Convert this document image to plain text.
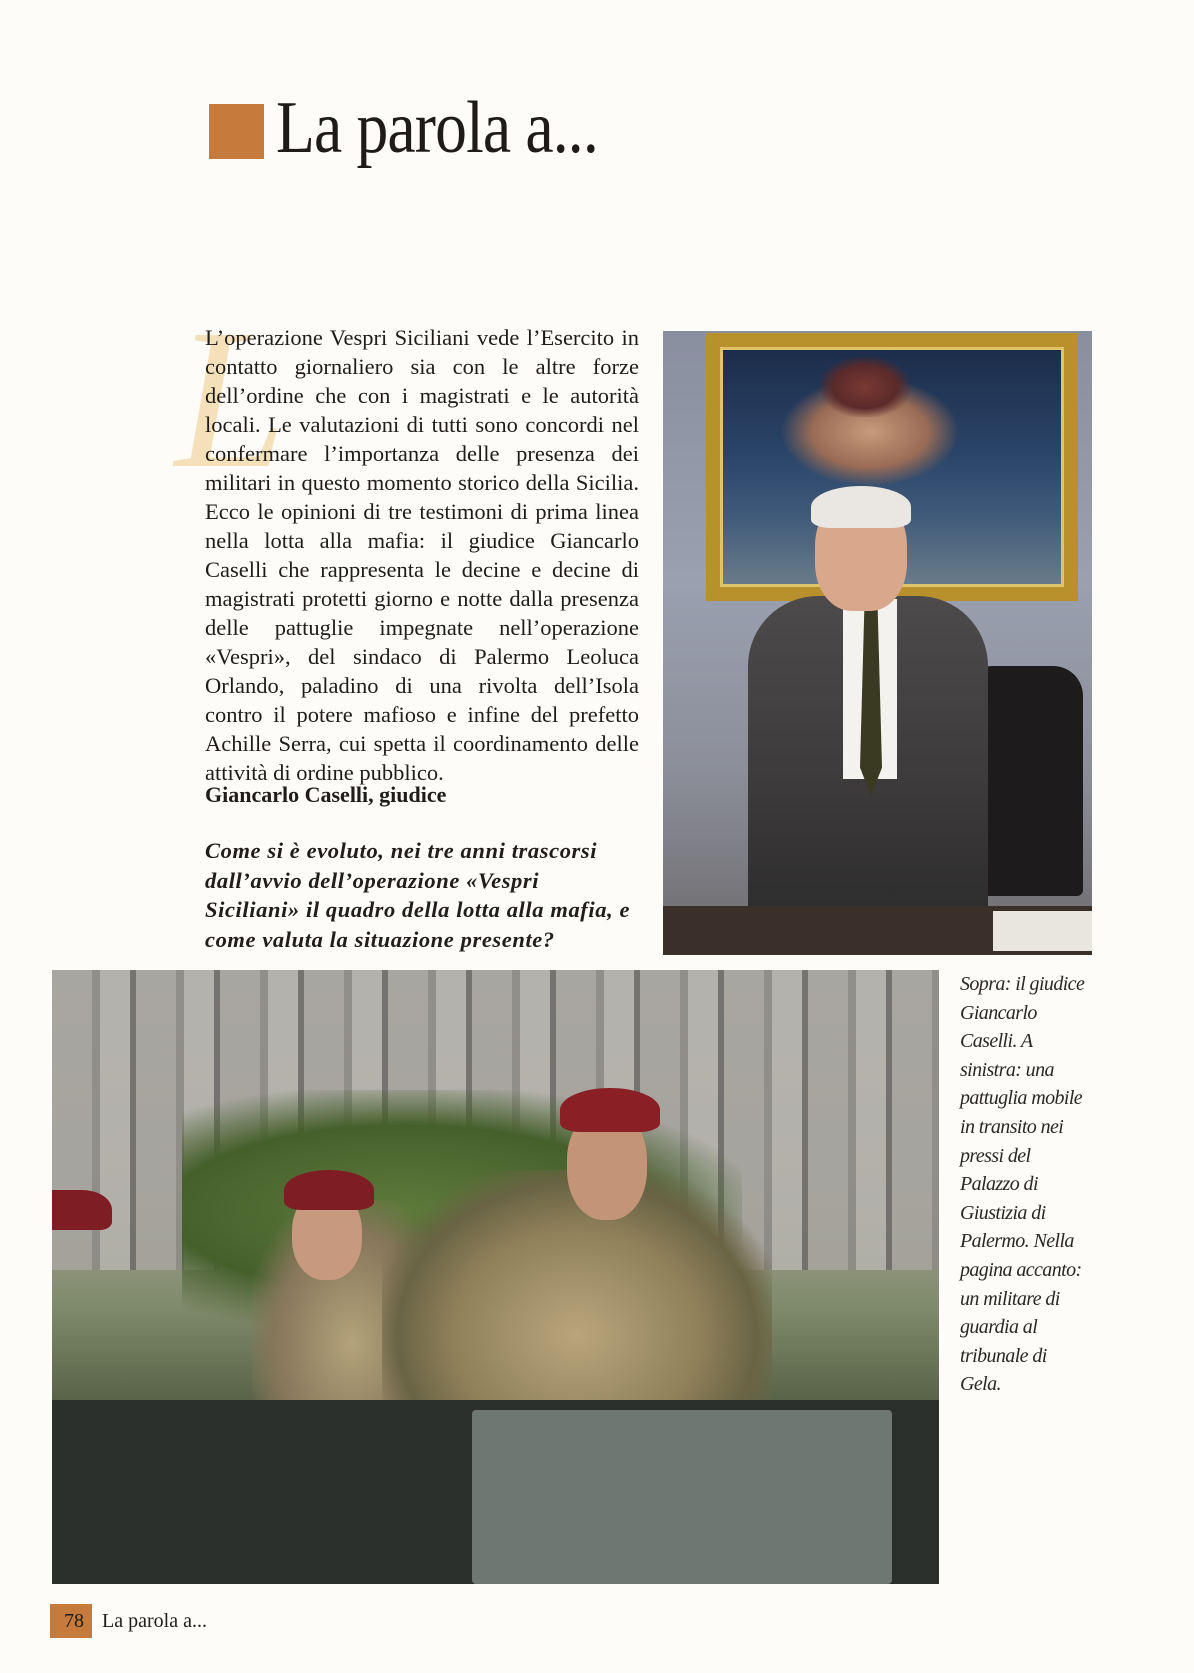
La parola a...
L

L’operazione Vespri Siciliani vede l’Esercito in contatto giornaliero sia con le altre forze dell’ordine che con i magistrati e le autorità locali. Le valutazioni di tutti sono concordi nel confermare l’importanza delle presenza dei militari in questo momento storico della Sicilia. Ecco le opinioni di tre testimoni di prima linea nella lotta alla mafia: il giudice Giancarlo Caselli che rappresenta le decine e decine di magistrati protetti giorno e notte dalla presenza delle pattuglie impegnate nell’operazione «Vespri», del sindaco di Palermo Leoluca Orlando, paladino di una rivolta dell’Isola contro il potere mafioso e infine del prefetto Achille Serra, cui spetta il coordinamento delle attività di ordine pubblico.

Giancarlo Caselli, giudice
Come si è evoluto, nei tre anni trascorsi dall’avvio dell’operazione «Vespri Siciliani» il quadro della lotta alla mafia, e come valuta la situazione presente?
Sopra: il giudice Giancarlo Caselli. A sinistra: una pattuglia mobile in transito nei pressi del Palazzo di Giustizia di Palermo. Nella pagina accanto: un militare di guardia al tribunale di Gela.
78 La parola a...
